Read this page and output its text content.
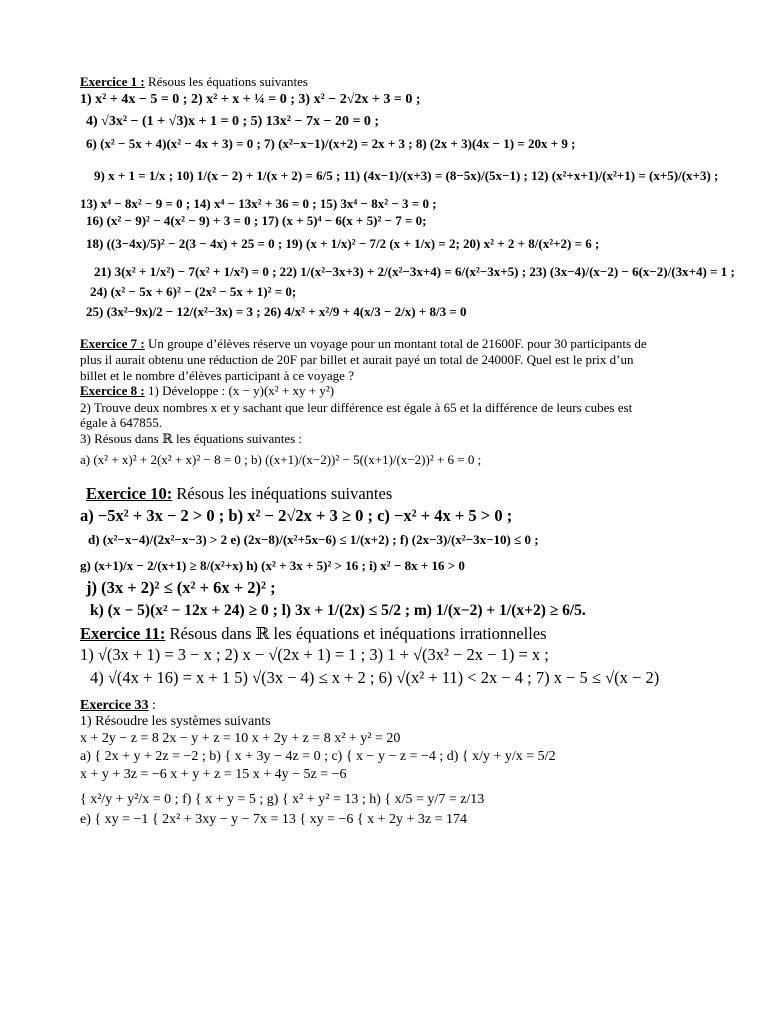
Exercice 1 : Résous les équations suivantes
1) x² + 4x − 5 = 0 ; 2) x² + x + ¼ = 0 ; 3) x² − 2√2x + 3 = 0 ;
4) √3x² − (1 + √3)x + 1 = 0 ; 5) 13x² − 7x − 20 = 0 ;
6) (x² − 5x + 4)(x² − 4x + 3) = 0 ; 7) (x²−x−1)/(x+2) = 2x + 3 ; 8) (2x + 3)(4x − 1) = 20x + 9 ;
9) x + 1 = 1/x ; 10) 1/(x − 2) + 1/(x + 2) = 6/5 ; 11) (4x−1)/(x+3) = (8−5x)/(5x−1) ; 12) (x²+x+1)/(x²+1) = (x+5)/(x+3) ;
13) x⁴ − 8x² − 9 = 0 ; 14) x⁴ − 13x² + 36 = 0 ; 15) 3x⁴ − 8x² − 3 = 0 ;
16) (x² − 9)² − 4(x² − 9) + 3 = 0 ; 17) (x + 5)⁴ − 6(x + 5)² − 7 = 0;
18) ((3−4x)/5)² − 2(3 − 4x) + 25 = 0 ; 19) (x + 1/x)² − 7/2 (x + 1/x) = 2; 20) x² + 2 + 8/(x²+2) = 6 ;
21) 3(x² + 1/x²) − 7(x² + 1/x²) = 0 ; 22) 1/(x²−3x+3) + 2/(x²−3x+4) = 6/(x²−3x+5) ; 23) (3x−4)/(x−2) − 6(x−2)/(3x+4) = 1 ;
24) (x² − 5x + 6)² − (2x² − 5x + 1)² = 0;
25) (3x²−9x)/2 − 12/(x²−3x) = 3 ; 26) 4/x² + x²/9 + 4(x/3 − 2/x) + 8/3 = 0
Exercice 7 : Un groupe d’élèves réserve un voyage pour un montant total de 21600F. pour 30 participants de
plus il aurait obtenu une réduction de 20F par billet et aurait payé un total de 24000F. Quel est le prix d’un
billet et le nombre d’élèves participant à ce voyage ?
Exercice 8 : 1) Développe : (x − y)(x² + xy + y²)
2) Trouve deux nombres x et y sachant que leur différence est égale à 65 et la différence de leurs cubes est
égale à 647855.
3) Résous dans ℝ les équations suivantes :
a) (x² + x)² + 2(x² + x)² − 8 = 0 ; b) ((x+1)/(x−2))² − 5((x+1)/(x−2))² + 6 = 0 ;
Exercice 10: Résous les inéquations suivantes
a) −5x² + 3x − 2 > 0 ; b) x² − 2√2x + 3 ≥ 0 ; c) −x² + 4x + 5 > 0 ;
d) (x²−x−4)/(2x²−x−3) > 2 e) (2x−8)/(x²+5x−6) ≤ 1/(x+2) ; f) (2x−3)/(x²−3x−10) ≤ 0 ;
g) (x+1)/x − 2/(x+1) ≥ 8/(x²+x) h) (x² + 3x + 5)² > 16 ; i) x² − 8x + 16 > 0
j) (3x + 2)² ≤ (x² + 6x + 2)² ;
k) (x − 5)(x² − 12x + 24) ≥ 0 ; l) 3x + 1/(2x) ≤ 5/2 ; m) 1/(x−2) + 1/(x+2) ≥ 6/5.
Exercice 11: Résous dans ℝ les équations et inéquations irrationnelles
1) √(3x + 1) = 3 − x ; 2) x − √(2x + 1) = 1 ; 3) 1 + √(3x² − 2x − 1) = x ;
4) √(4x + 16) = x + 1 5) √(3x − 4) ≤ x + 2 ; 6) √(x² + 11) < 2x − 4 ; 7) x − 5 ≤ √(x − 2)
Exercice 33 :
1) Résoudre les systèmes suivants
x + 2y − z = 8 2x − y + z = 10 x + 2y + z = 8 x² + y² = 20
a) { 2x + y + 2z = −2 ; b) { x + 3y − 4z = 0 ; c) { x − y − z = −4 ; d) { x/y + y/x = 5/2
x + y + 3z = −6 x + y + z = 15 x + 4y − 5z = −6
{ x²/y + y²/x = 0 ; f) { x + y = 5 ; g) { x² + y² = 13 ; h) { x/5 = y/7 = z/13
e) { xy = −1 { 2x² + 3xy − y − 7x = 13 { xy = −6 { x + 2y + 3z = 174
